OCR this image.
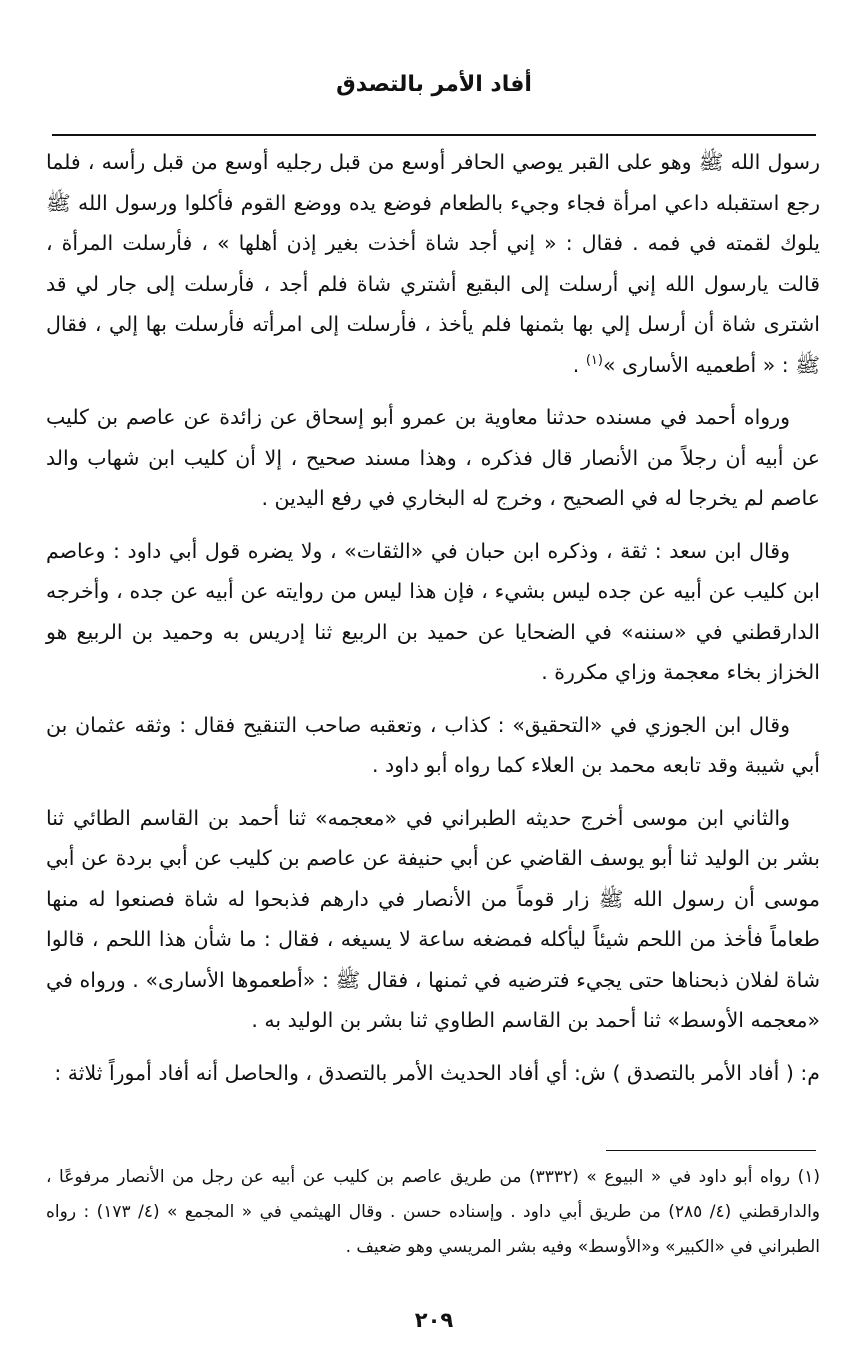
أفاد الأمر بالتصدق

رسول الله ﷺ وهو على القبر يوصي الحافر أوسع من قبل رجليه أوسع من قبل رأسه ، فلما رجع استقبله داعي امرأة فجاء وجيء بالطعام فوضع يده ووضع القوم فأكلوا ورسول الله ﷺ يلوك لقمته في فمه . فقال : « إني أجد شاة أخذت بغير إذن أهلها » ، فأرسلت المرأة ، قالت يارسول الله إني أرسلت إلى البقيع أشتري شاة فلم أجد ، فأرسلت إلى جار لي قد اشترى شاة أن أرسل إلي بها بثمنها فلم يأخذ ، فأرسلت إلى امرأته فأرسلت بها إلي ، فقال ﷺ : « أطعميه الأسارى »$^{(١)}$ .

ورواه أحمد في مسنده حدثنا معاوية بن عمرو أبو إسحاق عن زائدة عن عاصم بن كليب عن أبيه أن رجلاً من الأنصار قال فذكره ، وهذا مسند صحيح ، إلا أن كليب ابن شهاب والد عاصم لم يخرجا له في الصحيح ، وخرج له البخاري في رفع اليدين .

وقال ابن سعد : ثقة ، وذكره ابن حبان في «الثقات» ، ولا يضره قول أبي داود : وعاصم ابن كليب عن أبيه عن جده ليس بشيء ، فإن هذا ليس من روايته عن أبيه عن جده ، وأخرجه الدارقطني في «سننه» في الضحايا عن حميد بن الربيع ثنا إدريس به وحميد بن الربيع هو الخزاز بخاء معجمة وزاي مكررة .

وقال ابن الجوزي في «التحقيق» : كذاب ، وتعقبه صاحب التنقيح فقال : وثقه عثمان بن أبي شيبة وقد تابعه محمد بن العلاء كما رواه أبو داود .

والثاني ابن موسى أخرج حديثه الطبراني في «معجمه» ثنا أحمد بن القاسم الطائي ثنا بشر بن الوليد ثنا أبو يوسف القاضي عن أبي حنيفة عن عاصم بن كليب عن أبي بردة عن أبي موسى أن رسول الله ﷺ زار قوماً من الأنصار في دارهم فذبحوا له شاة فصنعوا له منها طعاماً فأخذ من اللحم شيئاً ليأكله فمضغه ساعة لا يسيغه ، فقال : ما شأن هذا اللحم ، قالوا شاة لفلان ذبحناها حتى يجيء فترضيه في ثمنها ، فقال ﷺ : «أطعموها الأسارى» . ورواه في «معجمه الأوسط» ثنا أحمد بن القاسم الطاوي ثنا بشر بن الوليد به .

م: ( أفاد الأمر بالتصدق ) ش: أي أفاد الحديث الأمر بالتصدق ، والحاصل أنه أفاد أموراً ثلاثة :

(١) رواه أبو داود في « البيوع » (٣٣٣٢) من طريق عاصم بن كليب عن أبيه عن رجل من الأنصار مرفوعًا ، والدارقطني (٤/ ٢٨٥) من طريق أبي داود . وإسناده حسن . وقال الهيثمي في « المجمع » (٤/ ١٧٣) : رواه الطبراني في «الكبير» و«الأوسط» وفيه بشر المريسي وهو ضعيف .

٢٠٩
